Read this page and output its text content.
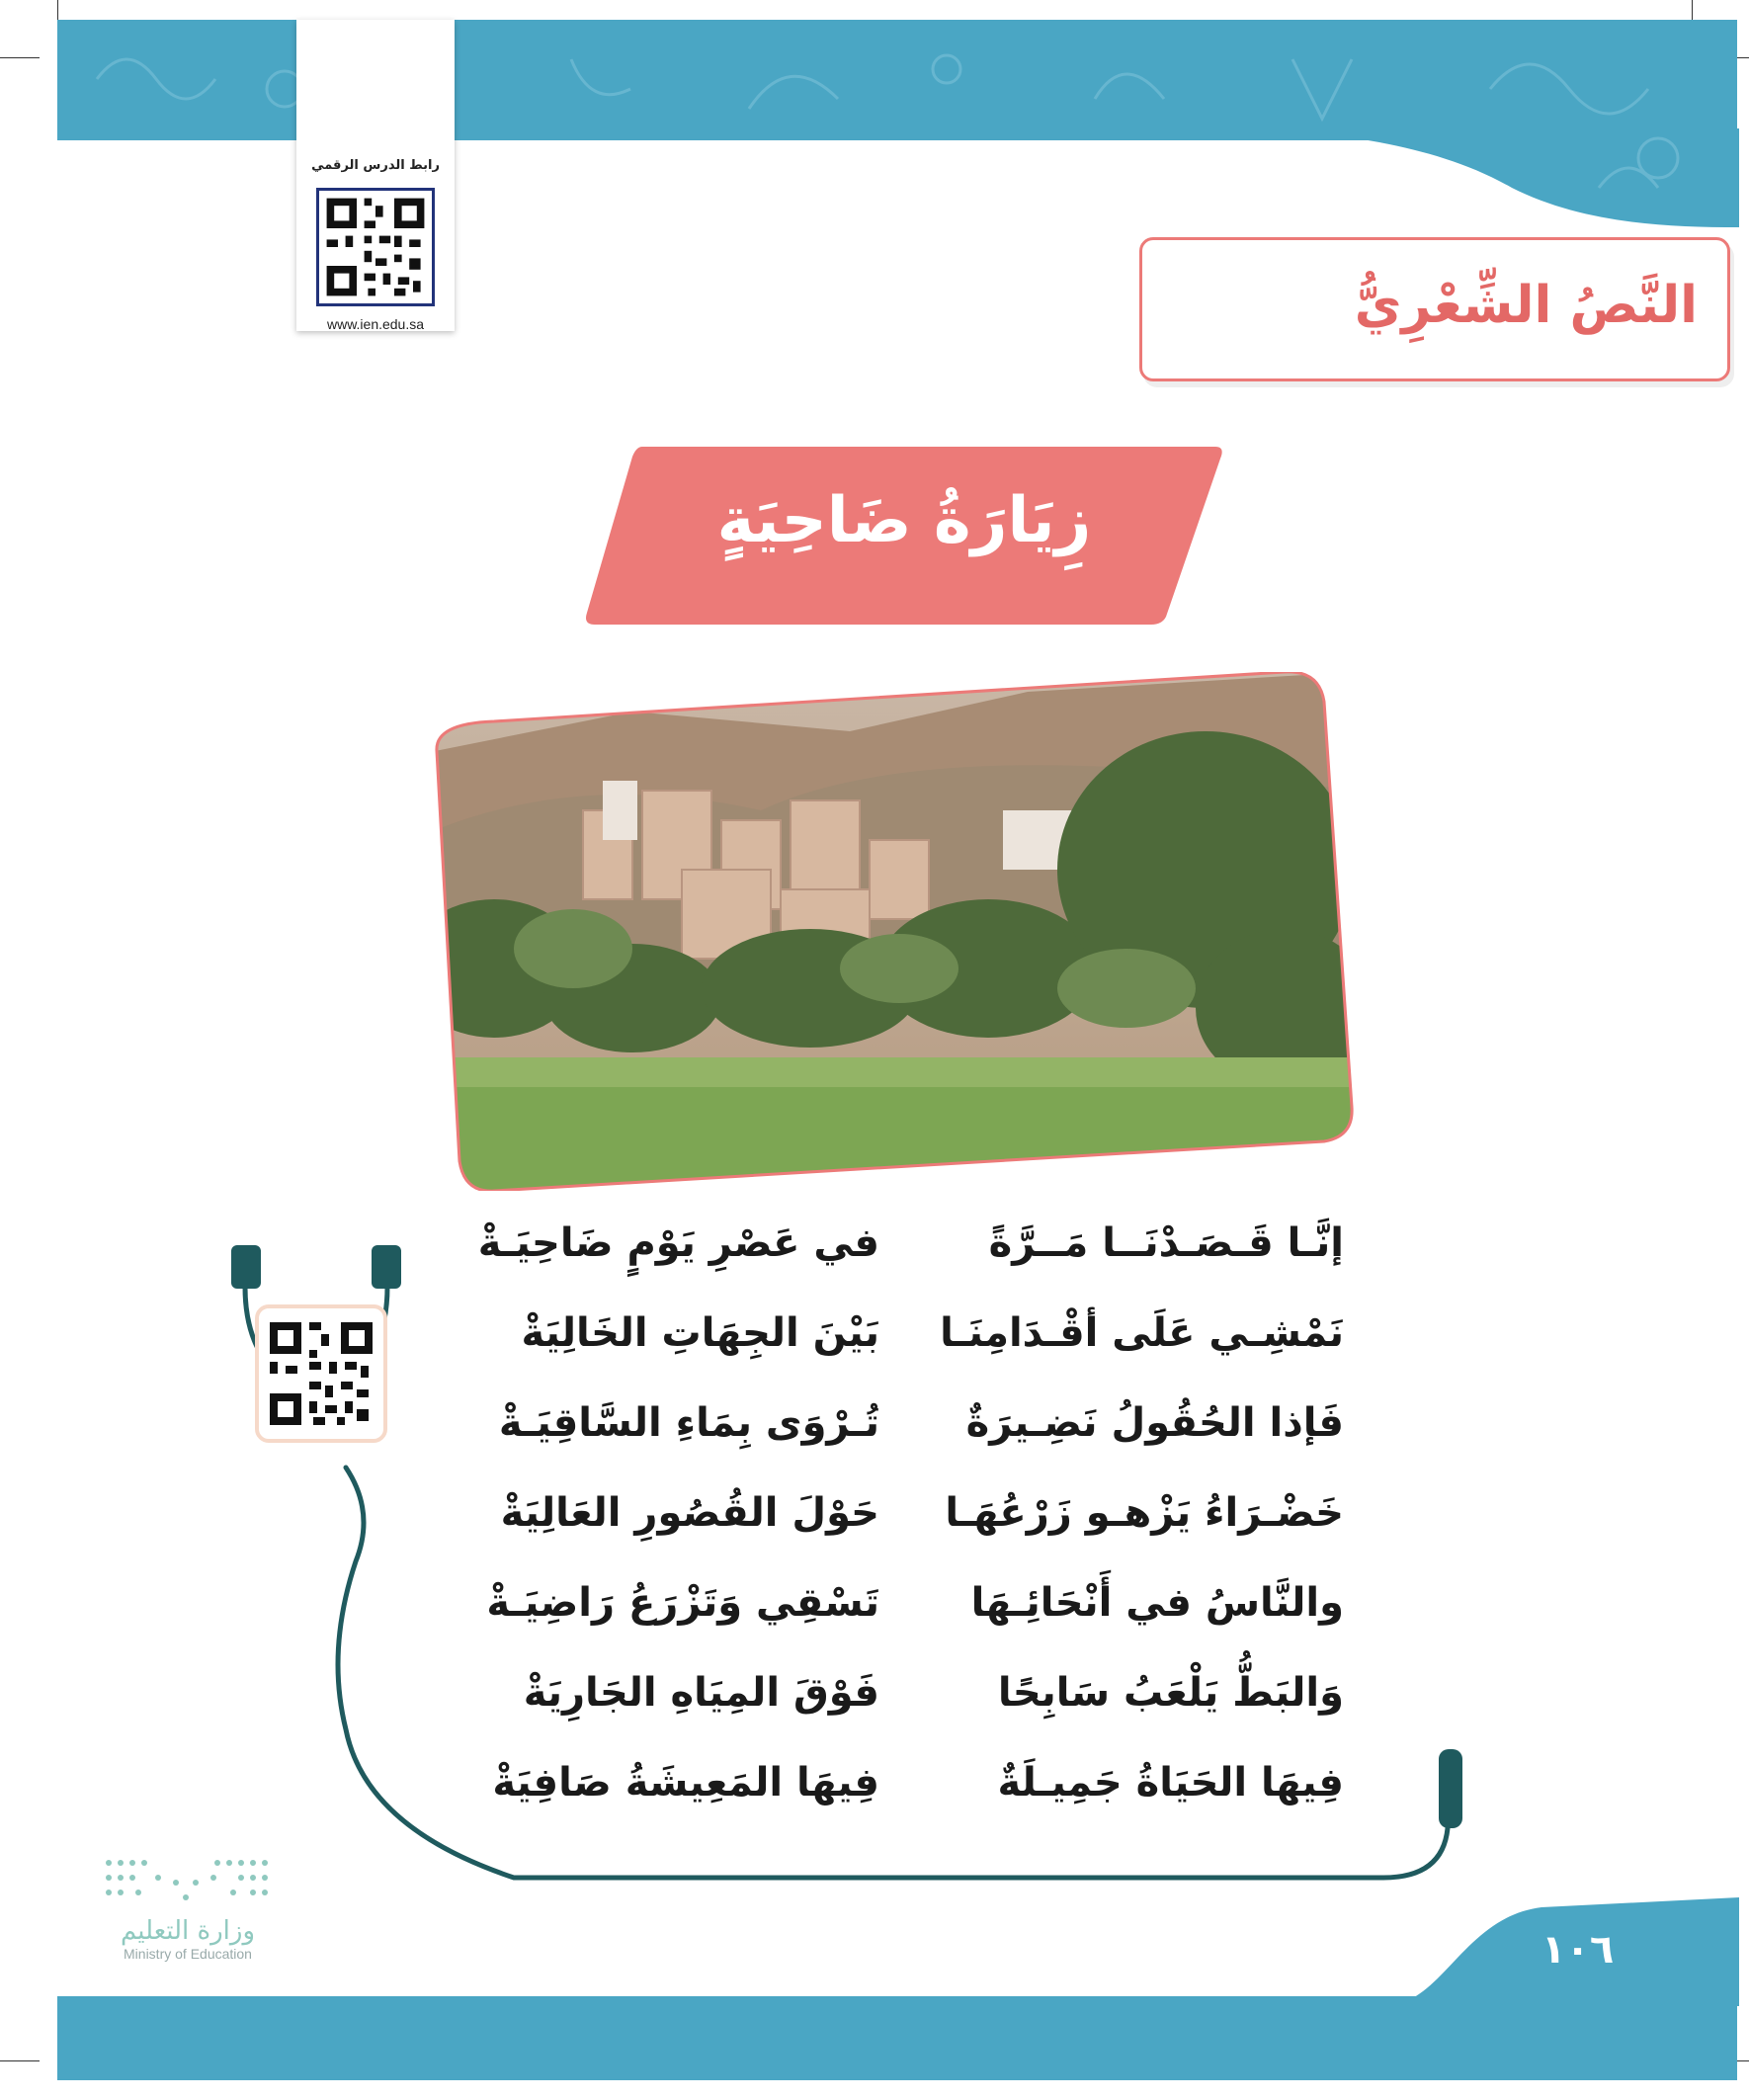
رابط الدرس الرقمي
www.ien.edu.sa	النَّصُ الشِّعْرِيُّ
زِيَارَةُ ضَاحِيَةٍ
إنَّـا قَـصَـدْنَــا مَــرَّةً
في عَصْرِ يَوْمٍ ضَاحِيَـةْ
نَمْشِـي عَلَى أقْـدَامِنَـا
بَيْنَ الجِهَاتِ الخَالِيَةْ
فَإذا الحُقُولُ نَضِـيرَةٌ
تُـرْوَى بِمَاءِ السَّاقِيَـةْ
خَضْـرَاءُ يَزْهـو زَرْعُهَـا
حَوْلَ القُصُورِ العَالِيَةْ
والنَّاسُ في أَنْحَائِـهَا
تَسْقِي وَتَزْرَعُ رَاضِيَـةْ
وَالبَطُّ يَلْعَبُ سَابِحًا
فَوْقَ المِيَاهِ الجَارِيَةْ
فِيهَا الحَيَاةُ جَمِيـلَةٌ
فِيهَا المَعِيشَةُ صَافِيَةْ
وزارة التعليم
Ministry of Education	١٠٦
